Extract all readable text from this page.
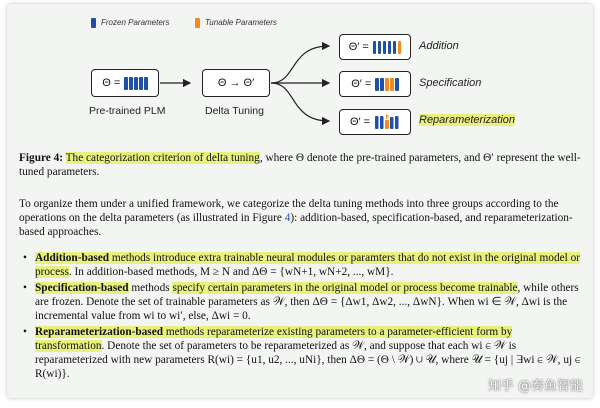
Frozen Parameters	Tunable Parameters
Θ =
Pre-trained PLM
Θ → Θ′
Delta Tuning
Θ′ =	Addition
Θ′ =	Specification
Θ′ =	Reparameterization
Figure 4: The categorization criterion of delta tuning, where Θ denote the pre-trained parameters, and Θ′ represent the well-tuned parameters.
To organize them under a unified framework, we categorize the delta tuning methods into three groups according to the operations on the delta parameters (as illustrated in Figure 4): addition-based, specification-based, and reparameterization-based approaches.
• Addition-based methods introduce extra trainable neural modules or paramters that do not exist in the original model or process. In addition-based methods, M ≥ N and ΔΘ = {wN+1, wN+2, ..., wM}.
• Specification-based methods specify certain parameters in the original model or process become trainable, while others are frozen. Denote the set of trainable parameters as 𝒲, then ΔΘ = {Δw1, Δw2, ..., ΔwN}. When wi ∈ 𝒲, Δwi is the incremental value from wi to wi′, else, Δwi = 0.
• Reparameterization-based methods reparameterize existing parameters to a parameter-efficient form by transformation. Denote the set of parameters to be reparameterized as 𝒲, and suppose that each wi ∈ 𝒲 is reparameterized with new parameters R(wi) = {u1, u2, ..., uNi}, then ΔΘ = (Θ \ 𝒲) ∪ 𝒰, where 𝒰 = {uj | ∃wi ∈ 𝒲, uj ∈ R(wi)}.
知乎 @奏鱼智能
